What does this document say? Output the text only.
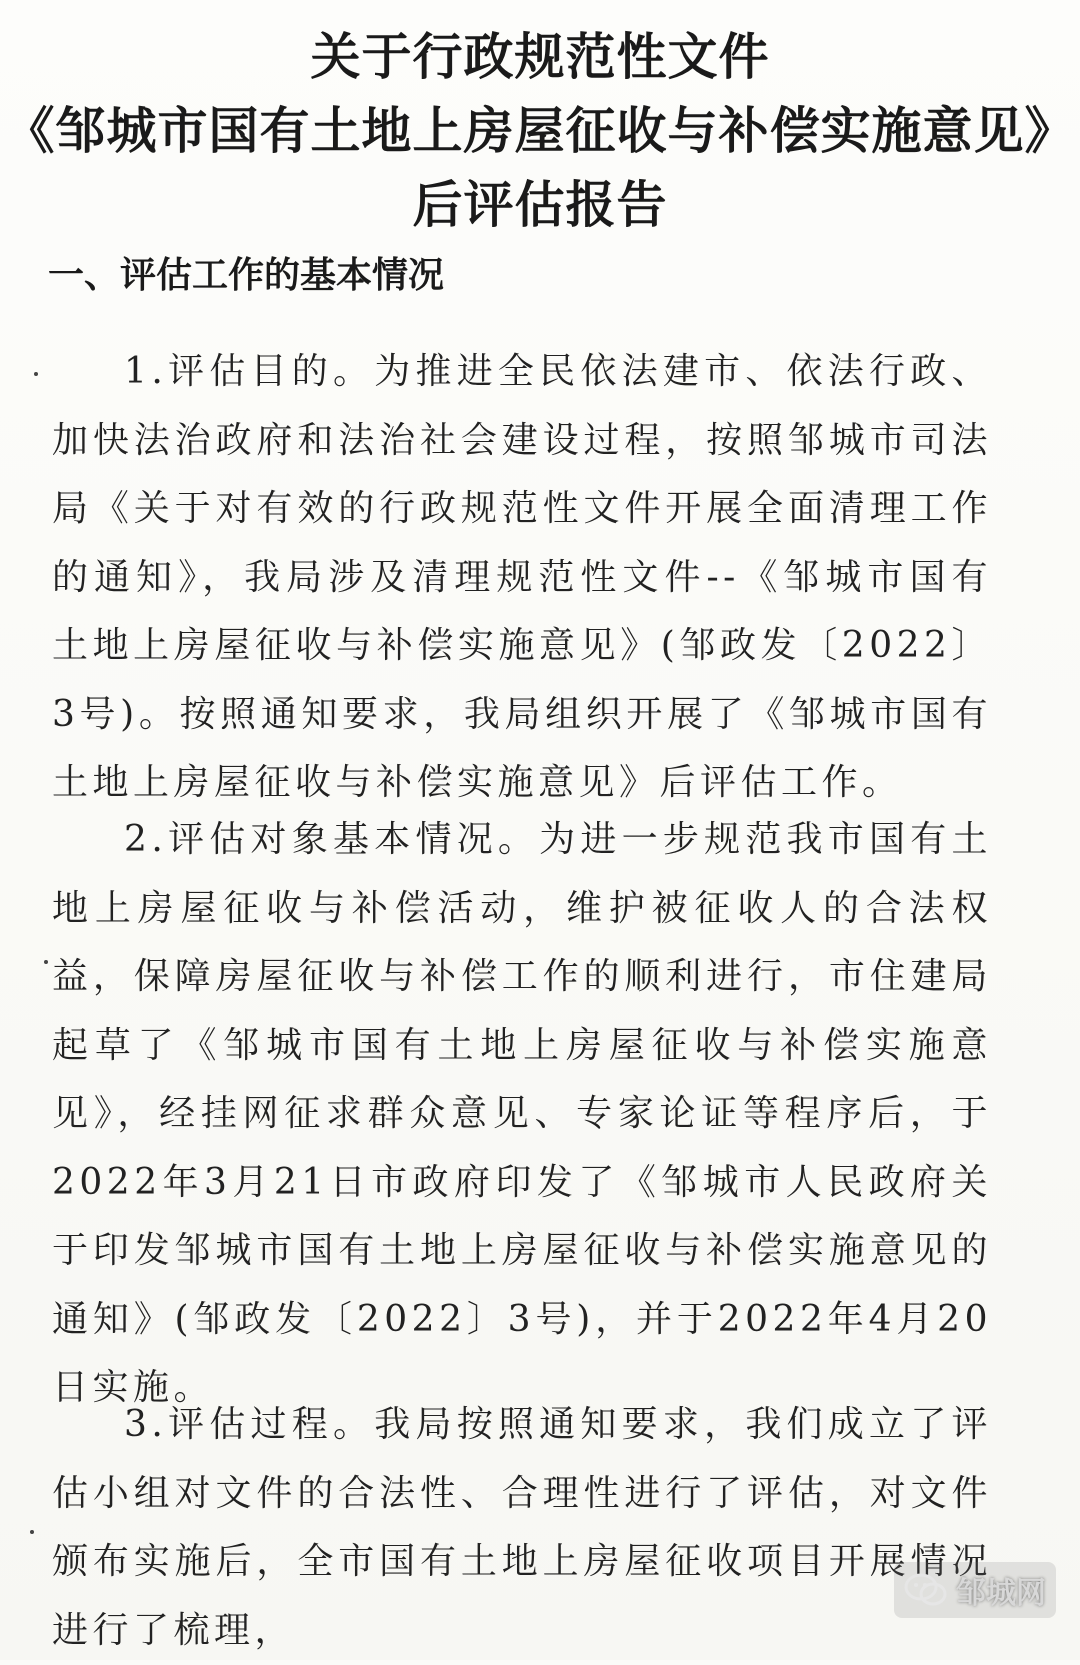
关于行政规范性文件
《邹城市国有土地上房屋征收与补偿实施意见》
后评估报告
一、评估工作的基本情况

1.评估目的。为推进全民依法建市、依法行政、加快法治政府和法治社会建设过程，按照邹城市司法局《关于对有效的行政规范性文件开展全面清理工作的通知》，我局涉及清理规范性文件--《邹城市国有土地上房屋征收与补偿实施意见》(邹政发〔2022〕3号)。按照通知要求，我局组织开展了《邹城市国有土地上房屋征收与补偿实施意见》后评估工作。

2.评估对象基本情况。为进一步规范我市国有土地上房屋征收与补偿活动，维护被征收人的合法权益，保障房屋征收与补偿工作的顺利进行，市住建局起草了《邹城市国有土地上房屋征收与补偿实施意见》，经挂网征求群众意见、专家论证等程序后，于2022年3月21日市政府印发了《邹城市人民政府关于印发邹城市国有土地上房屋征收与补偿实施意见的通知》(邹政发〔2022〕3号)，并于2022年4月20日实施。

3.评估过程。我局按照通知要求，我们成立了评估小组对文件的合法性、合理性进行了评估，对文件颁布实施后，全市国有土地上房屋征收项目开展情况进行了梳理，

邹城网
